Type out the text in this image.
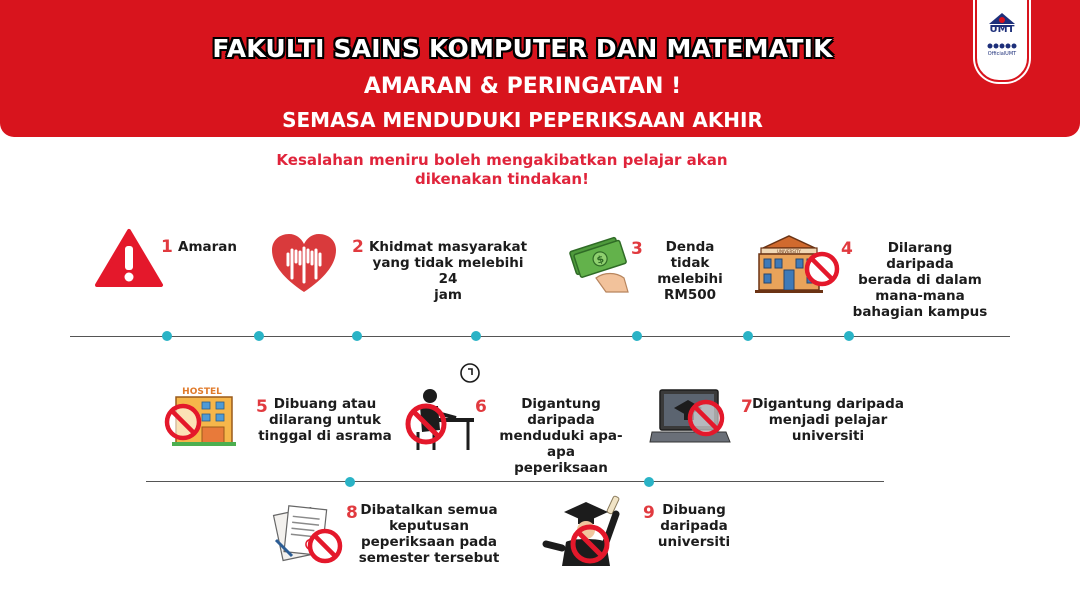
FAKULTI SAINS KOMPUTER DAN MATEMATIK
AMARAN & PERINGATAN !
SEMASA MENDUDUKI PEPERIKSAAN AKHIR
UMT
OfficialUMT
Kesalahan meniru boleh mengakibatkan pelajar akan
dikenakan tindakan!
1 Amaran	2 Khidmat masyarakat
yang tidak melebihi 24
jam
$
3	Denda tidak
melebihi
RM500
UNIVERSITY 4	Dilarang daripada
berada di dalam
mana-mana
bahagian kampus
HOSTEL
5 Dibuang atau
dilarang untuk
tinggal di asrama
6	Digantung daripada
menduduki apa-apa
peperiksaan
7 Digantung daripada
menjadi pelajar
universiti
8 Dibatalkan semua
keputusan
peperiksaan pada
semester tersebut
9 Dibuang
daripada
universiti
